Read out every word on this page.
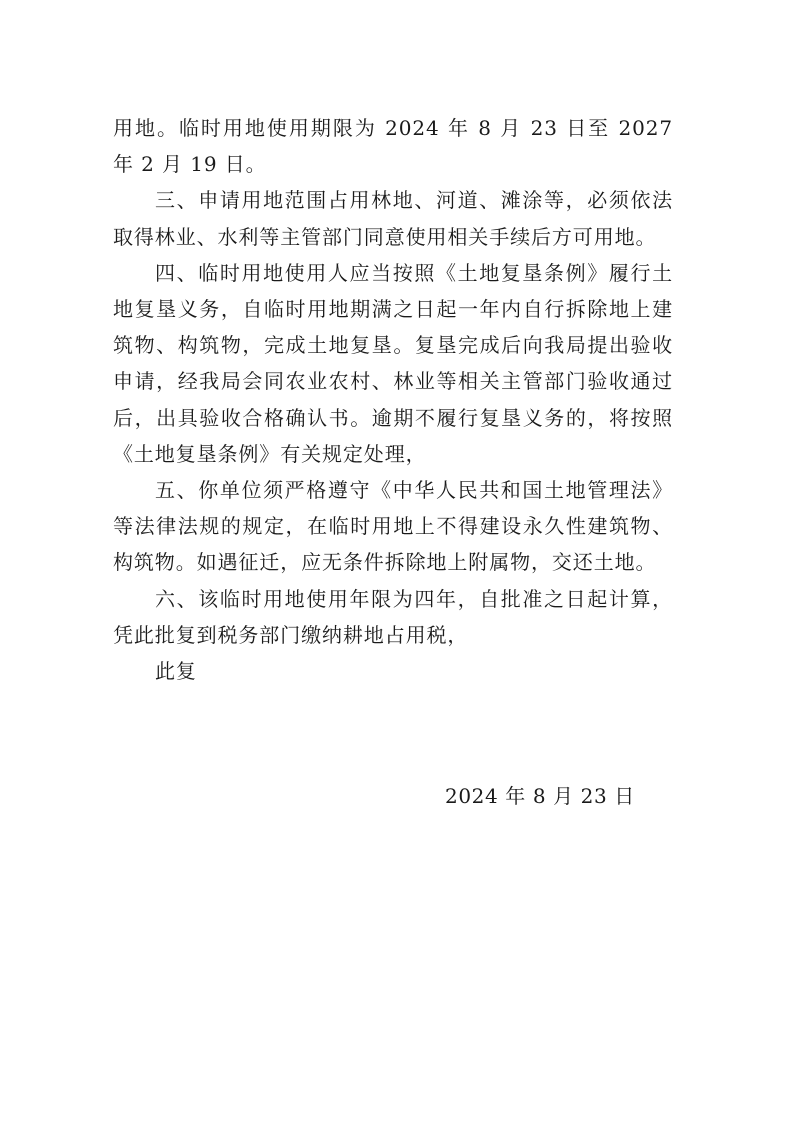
用地。临时用地使用期限为 2024 年 8 月 23 日至 2027 年 2 月 19 日。

三、申请用地范围占用林地、河道、滩涂等，必须依法取得林业、水利等主管部门同意使用相关手续后方可用地。

四、临时用地使用人应当按照《土地复垦条例》履行土地复垦义务，自临时用地期满之日起一年内自行拆除地上建筑物、构筑物，完成土地复垦。复垦完成后向我局提出验收申请，经我局会同农业农村、林业等相关主管部门验收通过后，出具验收合格确认书。逾期不履行复垦义务的，将按照《土地复垦条例》有关规定处理，

五、你单位须严格遵守《中华人民共和国土地管理法》等法律法规的规定，在临时用地上不得建设永久性建筑物、构筑物。如遇征迁，应无条件拆除地上附属物，交还土地。

六、该临时用地使用年限为四年，自批准之日起计算，凭此批复到税务部门缴纳耕地占用税，

此复

2024 年 8 月 23 日
